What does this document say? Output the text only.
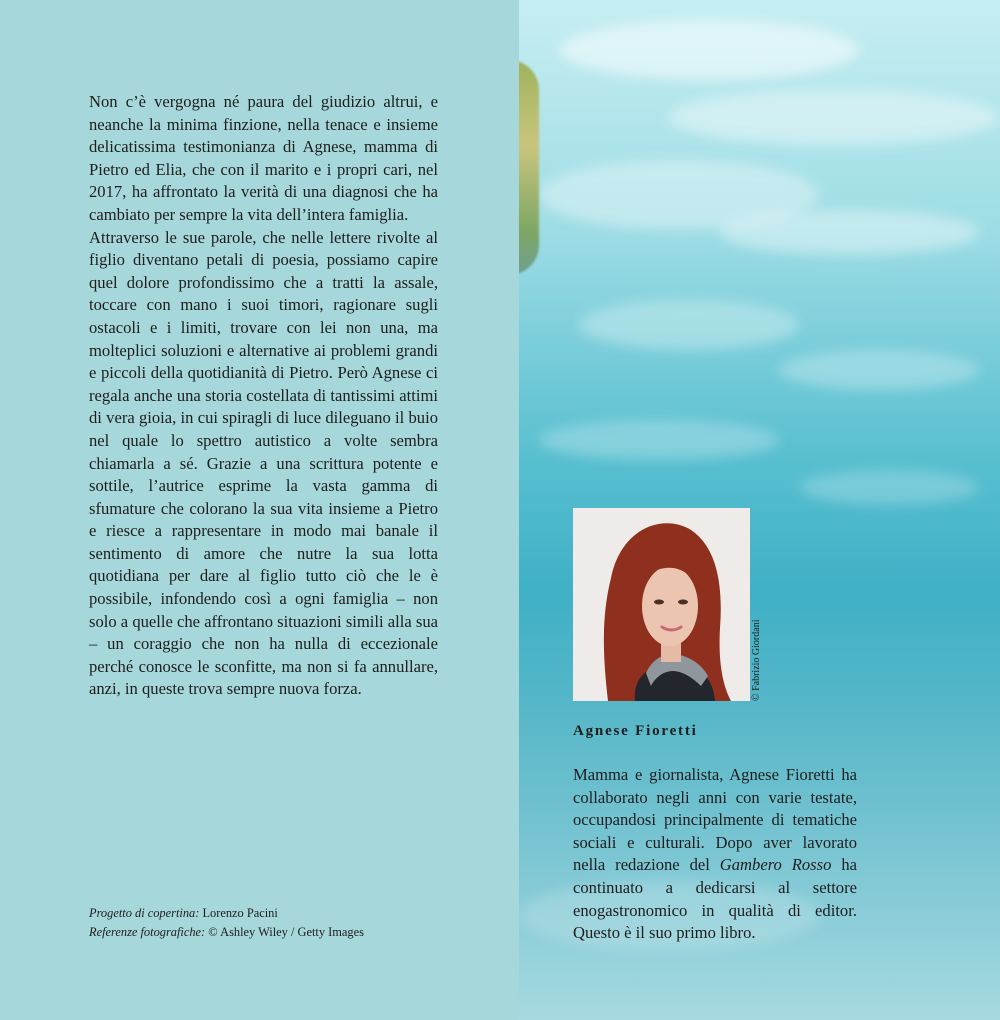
Non c’è vergogna né paura del giudizio altrui, e neanche la minima finzione, nella tenace e insieme delicatissima testimonianza di Agnese, mamma di Pietro ed Elia, che con il marito e i propri cari, nel 2017, ha affrontato la verità di una diagnosi che ha cambiato per sempre la vita dell’intera famiglia.

Attraverso le sue parole, che nelle lettere rivolte al figlio diventano petali di poesia, possiamo capire quel dolore profondissimo che a tratti la assale, toccare con mano i suoi timori, ragionare sugli ostacoli e i limiti, trovare con lei non una, ma molteplici soluzioni e alternative ai problemi grandi e piccoli della quotidianità di Pietro. Però Agnese ci regala anche una storia costellata di tantissimi attimi di vera gioia, in cui spiragli di luce dileguano il buio nel quale lo spettro autistico a volte sembra chiamarla a sé. Grazie a una scrittura potente e sottile, l’autrice esprime la vasta gamma di sfumature che colorano la sua vita insieme a Pietro e riesce a rappresentare in modo mai banale il sentimento di amore che nutre la sua lotta quotidiana per dare al figlio tutto ciò che le è possibile, infondendo così a ogni famiglia – non solo a quelle che affrontano situazioni simili alla sua – un coraggio che non ha nulla di eccezionale perché conosce le sconfitte, ma non si fa annullare, anzi, in queste trova sempre nuova forza.

Progetto di copertina: Lorenzo Pacini
Referenze fotografiche: © Ashley Wiley / Getty Images
© Fabrizio Giordani
Agnese Fioretti
Mamma e giornalista, Agnese Fioretti ha collaborato negli anni con varie testate, occupandosi principalmente di tematiche sociali e culturali. Dopo aver lavorato nella redazione del Gambero Rosso ha continuato a dedicarsi al settore enogastronomico in qualità di editor. Questo è il suo primo libro.
